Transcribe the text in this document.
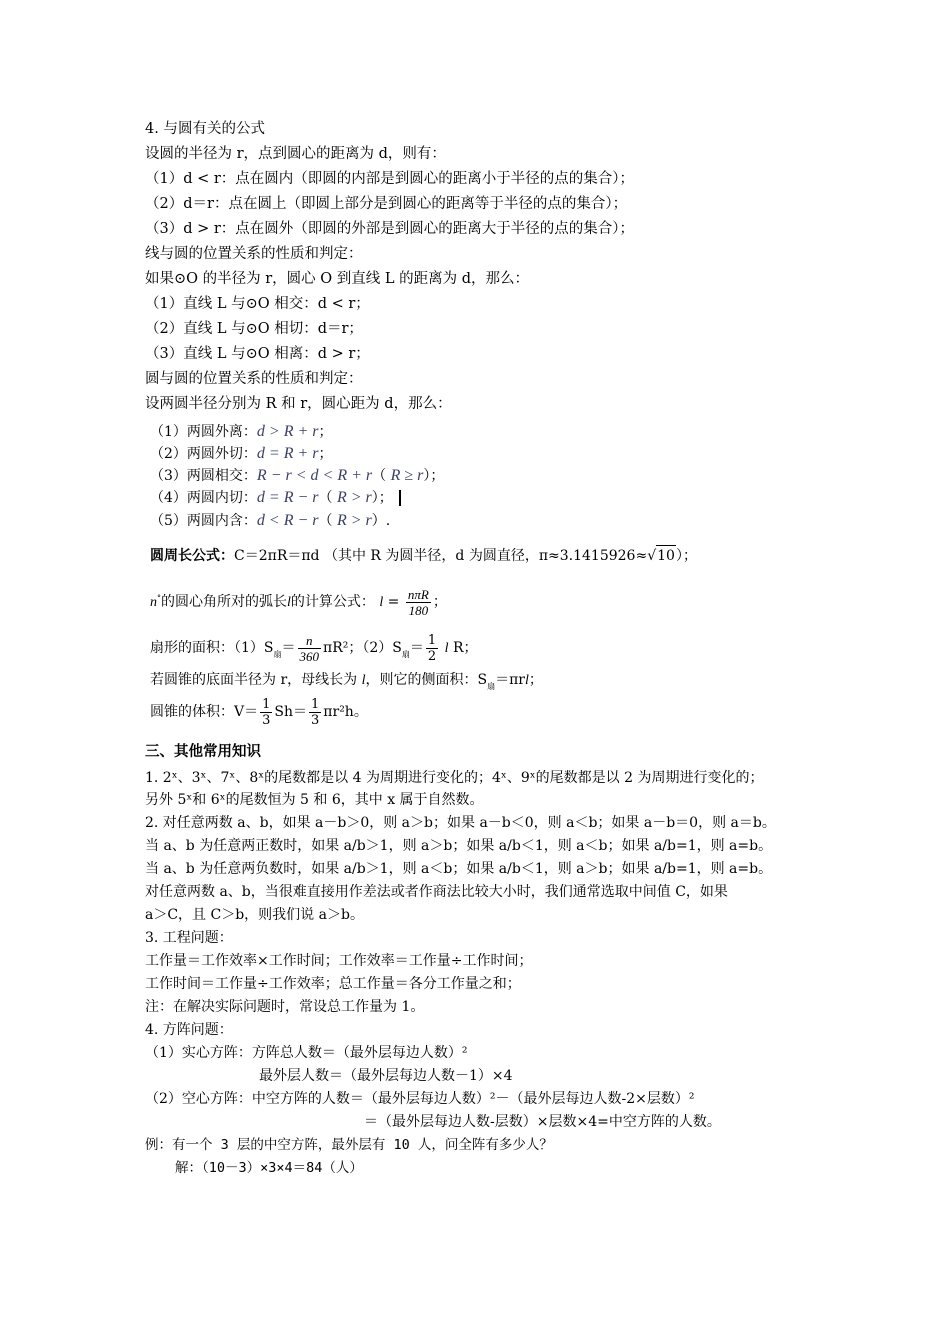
4. 与圆有关的公式
设圆的半径为 r，点到圆心的距离为 d，则有：
（1）d < r：点在圆内（即圆的内部是到圆心的距离小于半径的点的集合）；
（2）d＝r：点在圆上（即圆上部分是到圆心的距离等于半径的点的集合）；
（3）d > r：点在圆外（即圆的外部是到圆心的距离大于半径的点的集合）；
线与圆的位置关系的性质和判定：
如果⊙O 的半径为 r，圆心 O 到直线 L 的距离为 d，那么：
（1）直线 L 与⊙O 相交：d < r；
（2）直线 L 与⊙O 相切：d＝r；
（3）直线 L 与⊙O 相离：d > r；
圆与圆的位置关系的性质和判定：
设两圆半径分别为 R 和 r，圆心距为 d，那么：
（1）两圆外离：d > R + r；
（2）两圆外切：d = R + r；
（3）两圆相交：R − r < d < R + r（ R ≥ r）；
（4）两圆内切：d = R − r（ R > r）；
（5）两圆内含：d < R − r（ R > r）.
圆周长公式：C＝2πR＝πd （其中 R 为圆半径，d 为圆直径，π≈3.1415926≈√10）；
n°的圆心角所对的弧长l的计算公式： $l = \frac{\text{nπR}}{180}$ ；
扇形的面积：$(1)S_扇= \frac{n}{360} \pi R^2$；$(2)S_扇= \frac{1}{2}$ l R；
若圆锥的底面半径为 r，母线长为 l，则它的侧面积：$S_扇=\pi rl$；
圆锥的体积：$V= \frac{1}{3} Sh= \frac{1}{3} \pi r^2h$。
三、其他常用知识
1. 2ˣ、3ˣ、7ˣ、8ˣ的尾数都是以 4 为周期进行变化的；4ˣ、9ˣ的尾数都是以 2 为周期进行变化的；
另外 5ˣ和 6ˣ的尾数恒为 5 和 6，其中 x 属于自然数。
2. 对任意两数 a、b，如果 a－b＞0，则 a＞b；如果 a－b＜0，则 a＜b；如果 a－b＝0，则 a＝b。
当 a、b 为任意两正数时，如果 a/b＞1，则 a＞b；如果 a/b＜1，则 a＜b；如果 a/b=1，则 a=b。
当 a、b 为任意两负数时，如果 a/b＞1，则 a＜b；如果 a/b＜1，则 a＞b；如果 a/b=1，则 a=b。
对任意两数 a、b，当很难直接用作差法或者作商法比较大小时，我们通常选取中间值 C，如果
a＞C，且 C＞b，则我们说 a＞b。
3. 工程问题：
工作量＝工作效率×工作时间；工作效率＝工作量÷工作时间；
工作时间＝工作量÷工作效率；总工作量＝各分工作量之和；
注：在解决实际问题时，常设总工作量为 1。
4. 方阵问题：
（1）实心方阵：方阵总人数＝（最外层每边人数）²
最外层人数＝（最外层每边人数－1）×4
（2）空心方阵：中空方阵的人数＝（最外层每边人数）²－（最外层每边人数-2×层数）²
＝（最外层每边人数-层数）×层数×4=中空方阵的人数。
例：有一个 3 层的中空方阵，最外层有 10 人，问全阵有多少人？
解：（10－3）×3×4＝84（人）
